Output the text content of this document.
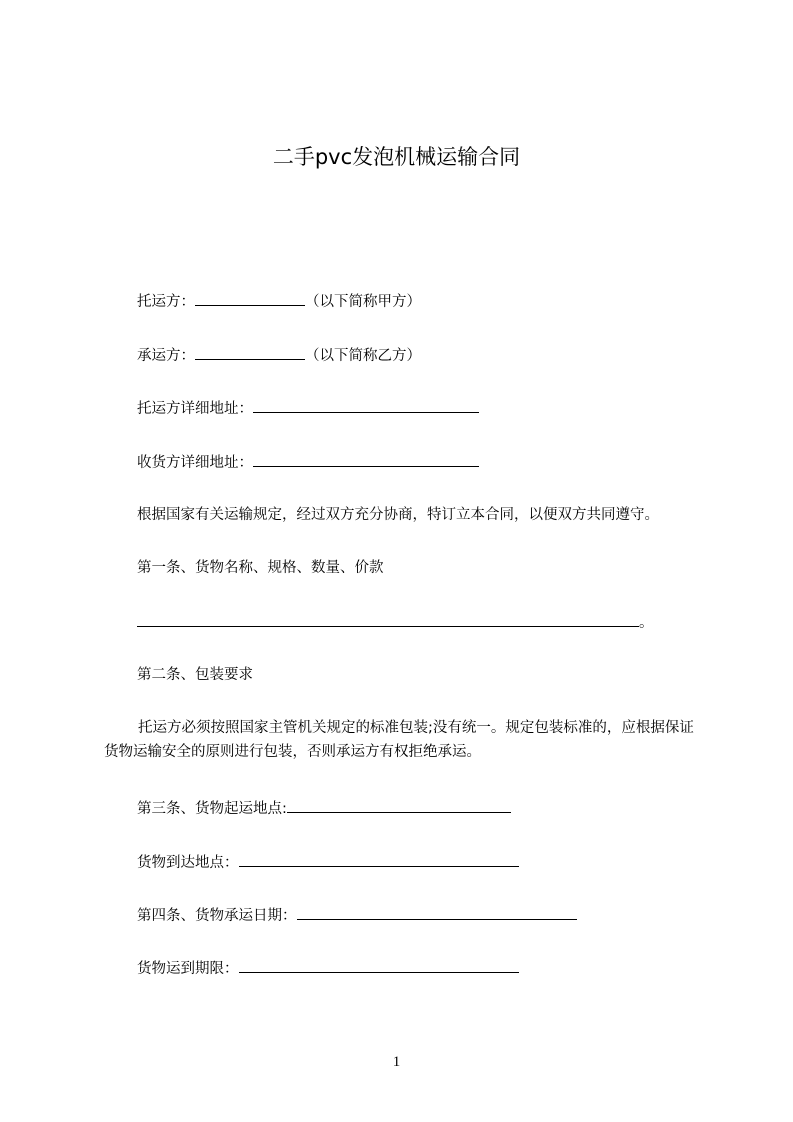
二手pvc发泡机械运输合同
托运方：	（以下简称甲方）
承运方：	（以下简称乙方）
托运方详细地址：
收货方详细地址：
根据国家有关运输规定，经过双方充分协商，特订立本合同，以便双方共同遵守。
第一条、货物名称、规格、数量、价款
。
第二条、包装要求
托运方必须按照国家主管机关规定的标准包装;没有统一。规定包装标准的，应根据保证货物运输安全的原则进行包装，否则承运方有权拒绝承运。
第三条、货物起运地点:
货物到达地点：
第四条、货物承运日期：
货物运到期限：
1
